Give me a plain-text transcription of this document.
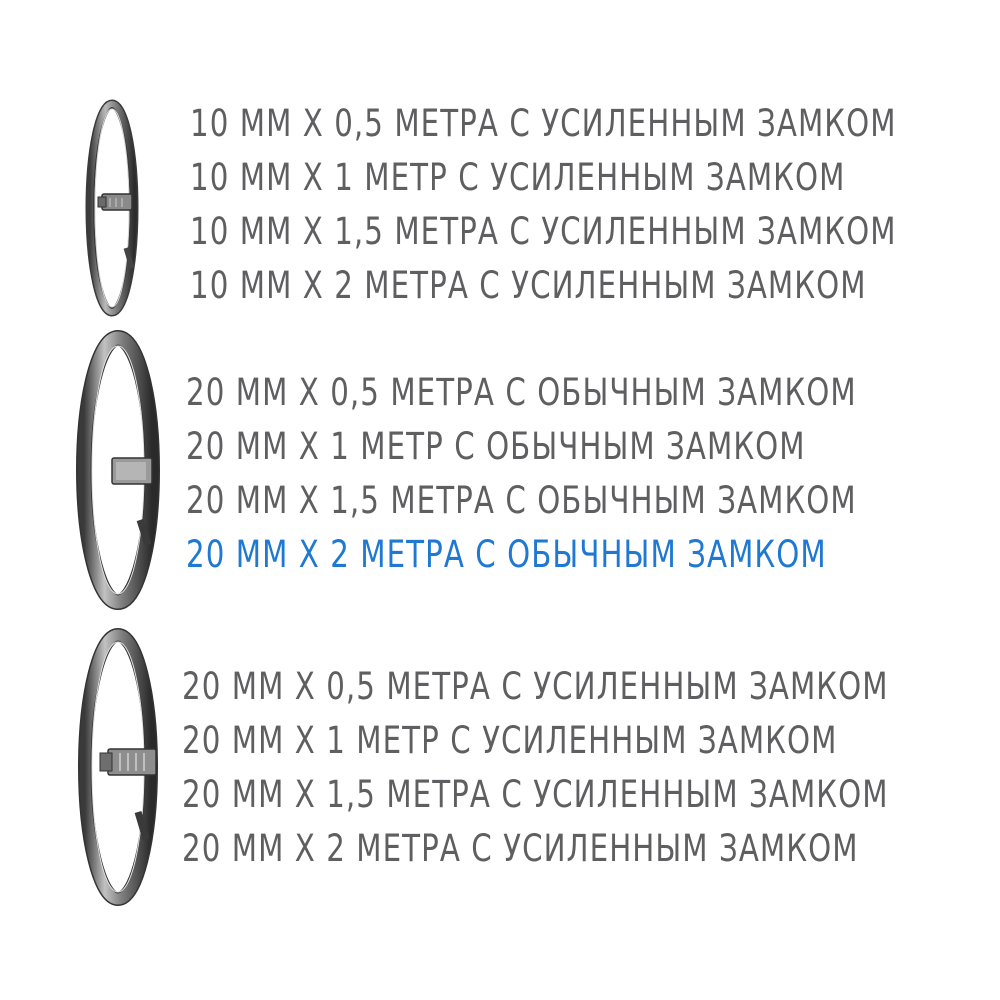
10 ММ Х 0,5 МЕТРА С УСИЛЕННЫМ ЗАМКОМ
10 ММ Х 1 МЕТР С УСИЛЕННЫМ ЗАМКОМ
10 ММ Х 1,5 МЕТРА С УСИЛЕННЫМ ЗАМКОМ
10 ММ Х 2 МЕТРА С УСИЛЕННЫМ ЗАМКОМ
20 ММ Х 0,5 МЕТРА С ОБЫЧНЫМ ЗАМКОМ
20 ММ Х 1 МЕТР С ОБЫЧНЫМ ЗАМКОМ
20 ММ Х 1,5 МЕТРА С ОБЫЧНЫМ ЗАМКОМ
20 ММ Х 2 МЕТРА С ОБЫЧНЫМ ЗАМКОМ
20 ММ Х 0,5 МЕТРА С УСИЛЕННЫМ ЗАМКОМ
20 ММ Х 1 МЕТР С УСИЛЕННЫМ ЗАМКОМ
20 ММ Х 1,5 МЕТРА С УСИЛЕННЫМ ЗАМКОМ
20 ММ Х 2 МЕТРА С УСИЛЕННЫМ ЗАМКОМ
